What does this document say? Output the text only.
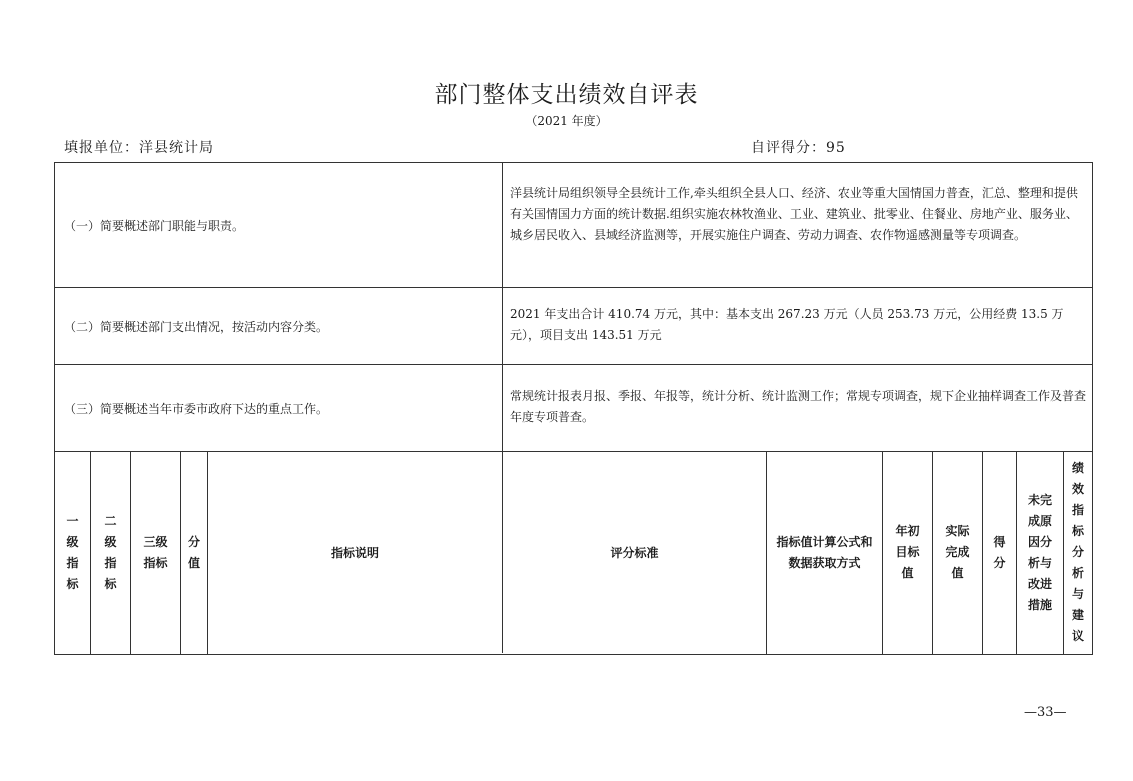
部门整体支出绩效自评表
（2021 年度）
填报单位：洋县统计局	自评得分：95
（一）简要概述部门职能与职责。
洋县统计局组织领导全县统计工作,牵头组织全县人口、经济、农业等重大国情国力普查，汇总、整理和提供有关国情国力方面的统计数据.组织实施农林牧渔业、工业、建筑业、批零业、住餐业、房地产业、服务业、城乡居民收入、县域经济监测等，开展实施住户调查、劳动力调查、农作物遥感测量等专项调查。
（二）简要概述部门支出情况，按活动内容分类。
2021 年支出合计 410.74 万元，其中：基本支出 267.23 万元（人员 253.73 万元，公用经费 13.5 万元），项目支出 143.51 万元
（三）简要概述当年市委市政府下达的重点工作。
常规统计报表月报、季报、年报等，统计分析、统计监测工作；常规专项调查，规下企业抽样调查工作及普查年度专项普查。
一级指标
二级指标
三级指标
分值
指标说明	评分标准
指标值计算公式和数据获取方式
年初目标值
实际完成值
得分
未完成原因分析与改进措施
绩效指标分析与建议
—33—
